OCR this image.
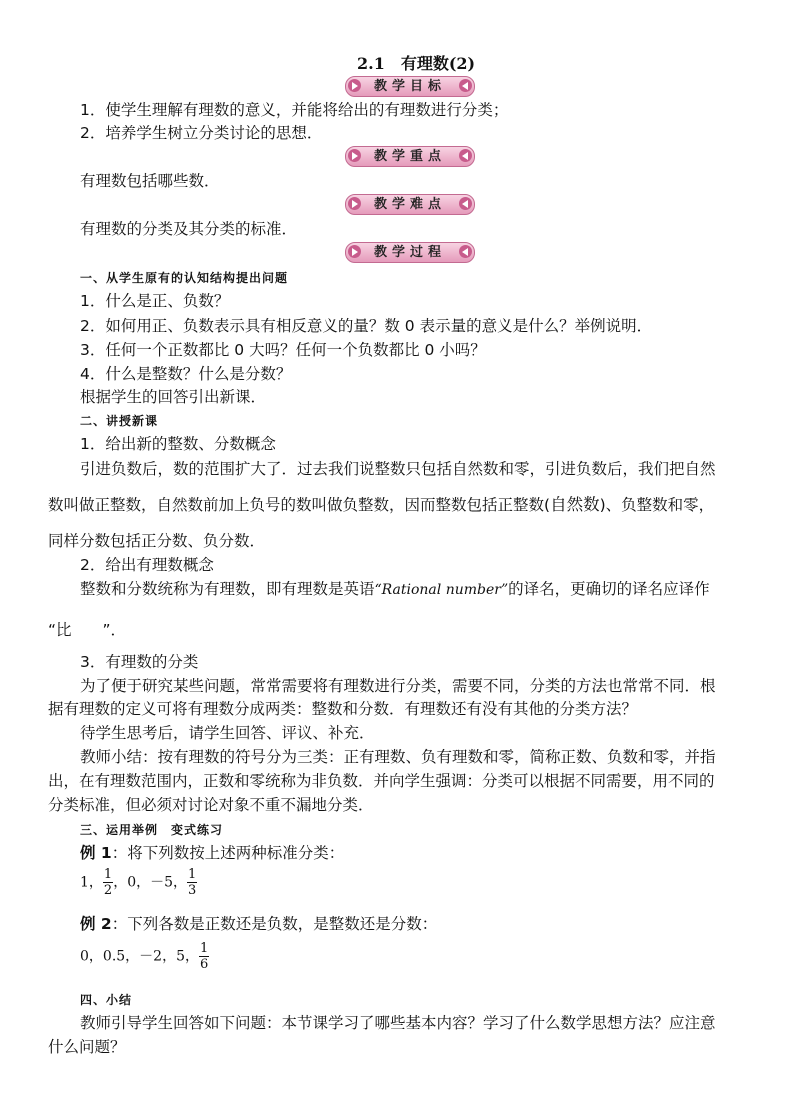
2.1　有理数(2)
教学目标
1．使学生理解有理数的意义，并能将给出的有理数进行分类；
2．培养学生树立分类讨论的思想．
教学重点
有理数包括哪些数．
教学难点
有理数的分类及其分类的标准．
教学过程
一、从学生原有的认知结构提出问题
1．什么是正、负数？
2．如何用正、负数表示具有相反意义的量？数 0 表示量的意义是什么？举例说明．
3．任何一个正数都比 0 大吗？任何一个负数都比 0 小吗？
4．什么是整数？什么是分数？
根据学生的回答引出新课．
二、讲授新课
1．给出新的整数、分数概念
引进负数后，数的范围扩大了．过去我们说整数只包括自然数和零，引进负数后，我们把自然
数叫做正整数，自然数前加上负号的数叫做负整数，因而整数包括正整数(自然数)、负整数和零，
同样分数包括正分数、负分数．
2．给出有理数概念
整数和分数统称为有理数，即有理数是英语“Rational number”的译名，更确切的译名应译作
“比　　”．
3．有理数的分类
为了便于研究某些问题，常常需要将有理数进行分类，需要不同，分类的方法也常常不同．根
据有理数的定义可将有理数分成两类：整数和分数．有理数还有没有其他的分类方法？
待学生思考后，请学生回答、评议、补充．
教师小结：按有理数的符号分为三类：正有理数、负有理数和零，简称正数、负数和零，并指
出，在有理数范围内，正数和零统称为非负数．并向学生强调：分类可以根据不同需要，用不同的
分类标准，但必须对讨论对象不重不漏地分类．
三、运用举例　变式练习
例 1：将下列数按上述两种标准分类：
1， $\frac{1}{2}$ ，0，－5， $\frac{1}{3}$
例 2：下列各数是正数还是负数，是整数还是分数：
0，0.5，－2，5， $\frac{1}{6}$
四、小结
教师引导学生回答如下问题：本节课学习了哪些基本内容？学习了什么数学思想方法？应注意
什么问题？
